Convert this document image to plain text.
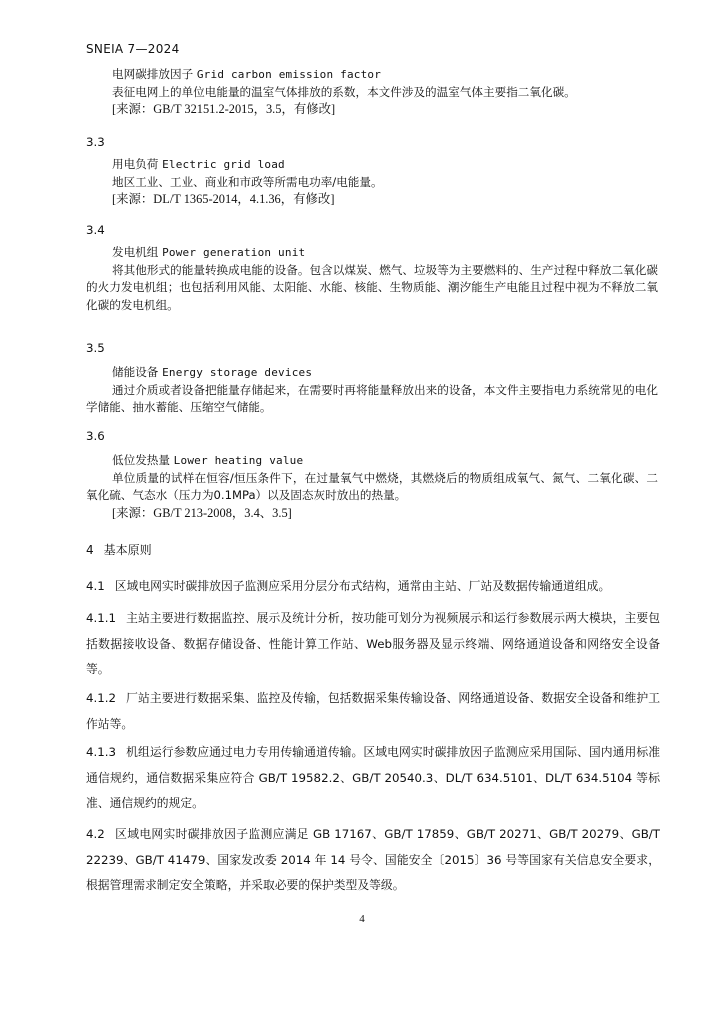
SNEIA 7—2024
电网碳排放因子 Grid carbon emission factor
表征电网上的单位电能量的温室气体排放的系数，本文件涉及的温室气体主要指二氧化碳。
[来源：GB/T 32151.2-2015，3.5，有修改]
3.3
用电负荷 Electric grid load
地区工业、工业、商业和市政等所需电功率/电能量。
[来源：DL/T 1365-2014，4.1.36，有修改]
3.4
发电机组 Power generation unit
将其他形式的能量转换成电能的设备。包含以煤炭、燃气、垃圾等为主要燃料的、生产过程中释放二氧化碳的火力发电机组；也包括利用风能、太阳能、水能、核能、生物质能、潮汐能生产电能且过程中视为不释放二氧化碳的发电机组。
3.5
储能设备 Energy storage devices
通过介质或者设备把能量存储起来，在需要时再将能量释放出来的设备，本文件主要指电力系统常见的电化学储能、抽水蓄能、压缩空气储能。
3.6
低位发热量 Lower heating value
单位质量的试样在恒容/恒压条件下，在过量氧气中燃烧，其燃烧后的物质组成氧气、氮气、二氧化碳、二氧化硫、气态水（压力为0.1MPa）以及固态灰时放出的热量。
[来源：GB/T 213-2008，3.4、3.5]
4 基本原则
4.1 区域电网实时碳排放因子监测应采用分层分布式结构，通常由主站、厂站及数据传输通道组成。
4.1.1 主站主要进行数据监控、展示及统计分析，按功能可划分为视频展示和运行参数展示两大模块，主要包括数据接收设备、数据存储设备、性能计算工作站、Web服务器及显示终端、网络通道设备和网络安全设备等。
4.1.2 厂站主要进行数据采集、监控及传输，包括数据采集传输设备、网络通道设备、数据安全设备和维护工作站等。
4.1.3 机组运行参数应通过电力专用传输通道传输。区域电网实时碳排放因子监测应采用国际、国内通用标准通信规约，通信数据采集应符合 GB/T 19582.2、GB/T 20540.3、DL/T 634.5101、DL/T 634.5104 等标准、通信规约的规定。
4.2 区域电网实时碳排放因子监测应满足 GB 17167、GB/T 17859、GB/T 20271、GB/T 20279、GB/T 22239、GB/T 41479、国家发改委 2014 年 14 号令、国能安全〔2015〕36 号等国家有关信息安全要求，根据管理需求制定安全策略，并采取必要的保护类型及等级。
4
